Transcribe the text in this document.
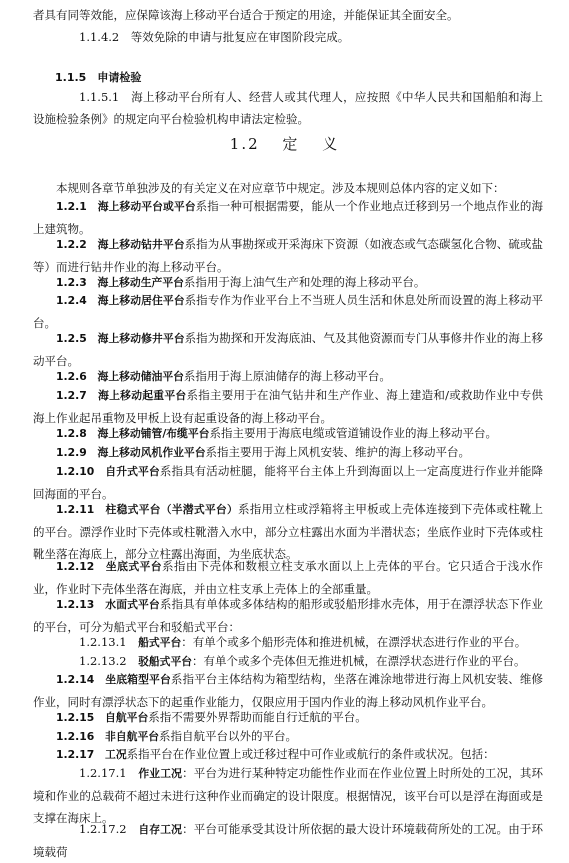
者具有同等效能，应保障该海上移动平台适合于预定的用途，并能保证其全面安全。
1.1.4.2　等效免除的申请与批复应在审图阶段完成。
1.1.5　申请检验
1.1.5.1　海上移动平台所有人、经营人或其代理人，应按照《中华人民共和国船舶和海上设施检验条例》的规定向平台检验机构申请法定检验。
1.2 定 义
本规则各章节单独涉及的有关定义在对应章节中规定。涉及本规则总体内容的定义如下：
1.2.1　海上移动平台或平台系指一种可根据需要，能从一个作业地点迁移到另一个地点作业的海上建筑物。
1.2.2　海上移动钻井平台系指为从事勘探或开采海床下资源（如液态或气态碳氢化合物、硫或盐等）而进行钻井作业的海上移动平台。
1.2.3　海上移动生产平台系指用于海上油气生产和处理的海上移动平台。
1.2.4　海上移动居住平台系指专作为作业平台上不当班人员生活和休息处所而设置的海上移动平台。
1.2.5　海上移动修井平台系指为勘探和开发海底油、气及其他资源而专门从事修井作业的海上移动平台。
1.2.6　海上移动储油平台系指用于海上原油储存的海上移动平台。
1.2.7　海上移动起重平台系指主要用于在油气钻井和生产作业、海上建造和/或救助作业中专供海上作业起吊重物及甲板上设有起重设备的海上移动平台。
1.2.8　海上移动铺管/布缆平台系指主要用于海底电缆或管道铺设作业的海上移动平台。
1.2.9　海上移动风机作业平台系指主要用于海上风机安装、维护的海上移动平台。
1.2.10　自升式平台系指具有活动桩腿，能将平台主体上升到海面以上一定高度进行作业并能降回海面的平台。
1.2.11　柱稳式平台（半潜式平台）系指用立柱或浮箱将主甲板或上壳体连接到下壳体或柱靴上的平台。漂浮作业时下壳体或柱靴潜入水中，部分立柱露出水面为半潜状态；坐底作业时下壳体或柱靴坐落在海底上，部分立柱露出海面，为坐底状态。
1.2.12　坐底式平台系指由下壳体和数根立柱支承水面以上上壳体的平台。它只适合于浅水作业，作业时下壳体坐落在海底，并由立柱支承上壳体上的全部重量。
1.2.13　水面式平台系指具有单体或多体结构的船形或驳船形排水壳体，用于在漂浮状态下作业的平台，可分为船式平台和驳船式平台：
1.2.13.1　船式平台：有单个或多个船形壳体和推进机械，在漂浮状态进行作业的平台。
1.2.13.2　驳船式平台：有单个或多个壳体但无推进机械，在漂浮状态进行作业的平台。
1.2.14　坐底箱型平台系指平台主体结构为箱型结构，坐落在滩涂地带进行海上风机安装、维修作业，同时有漂浮状态下的起重作业能力，仅限应用于国内作业的海上移动风机作业平台。
1.2.15　自航平台系指不需要外界帮助而能自行迁航的平台。
1.2.16　非自航平台系指自航平台以外的平台。
1.2.17　工况系指平台在作业位置上或迁移过程中可作业或航行的条件或状况。包括：
1.2.17.1　作业工况：平台为进行某种特定功能性作业而在作业位置上时所处的工况，其环境和作业的总载荷不超过未进行这种作业而确定的设计限度。根据情况，该平台可以是浮在海面或是支撑在海床上。
1.2.17.2　自存工况：平台可能承受其设计所依据的最大设计环境载荷所处的工况。由于环境载荷
